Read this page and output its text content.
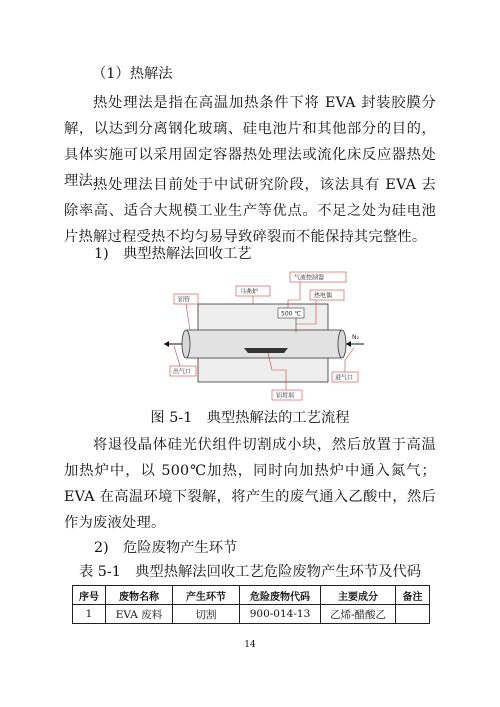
（1）热解法
热处理法是指在高温加热条件下将 EVA 封装胶膜分解，以达到分离钢化玻璃、硅电池片和其他部分的目的，具体实施可以采用固定容器热处理法或流化床反应器热处理法。
热处理法目前处于中试研究阶段，该法具有 EVA 去除率高、适合大规模工业生产等优点。不足之处为硅电池片热解过程受热不均匀易导致碎裂而不能保持其完整性。
1)　典型热解法回收工艺
N₂
500 ℃
气流控制器
马弗炉
铝管
热电偶
出气口
进气口
铝坩埚
图 5-1　典型热解法的工艺流程
将退役晶体硅光伏组件切割成小块，然后放置于高温加热炉中，以 500℃加热，同时向加热炉中通入氮气；EVA 在高温环境下裂解，将产生的废气通入乙酸中，然后作为废液处理。
2)　危险废物产生环节
表 5-1　典型热解法回收工艺危险废物产生环节及代码
序号	废物名称	产生环节	危险废物代码	主要成分	备注
1	EVA 废料	切割	900-014-13	乙烯-醋酸乙	
14
